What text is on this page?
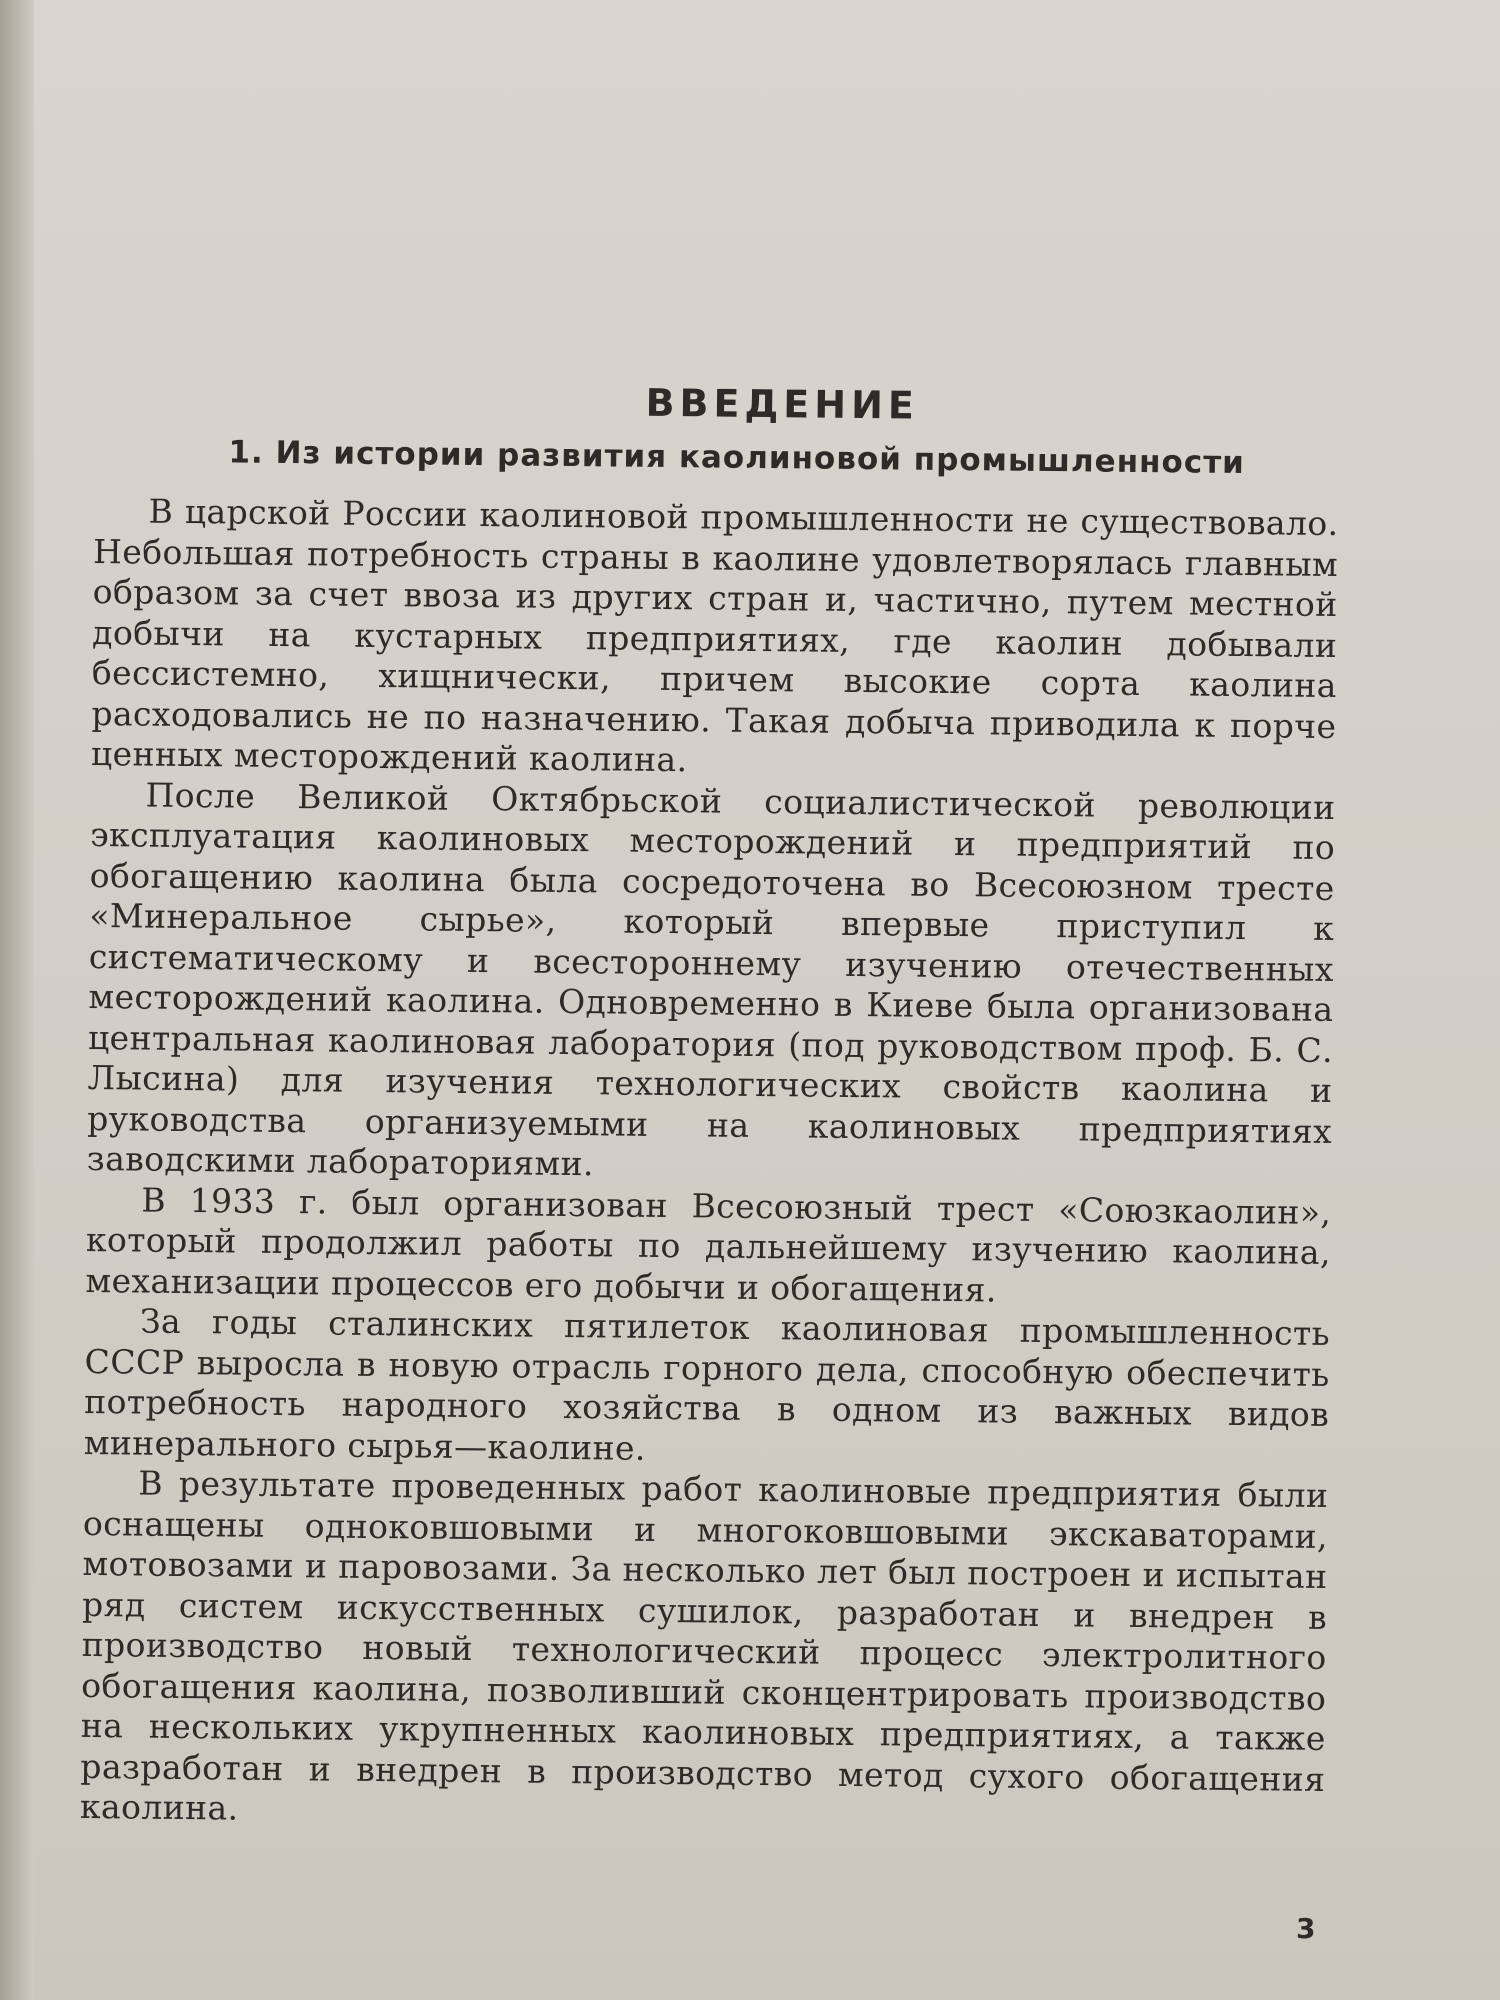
ВВЕДЕНИЕ
1. Из истории развития каолиновой промышленности

В царской России каолиновой промышленности не существовало. Небольшая потребность страны в каолине удовлетворялась главным образом за счет ввоза из других стран и, частично, путем местной добычи на кустарных предприятиях, где каолин добывали бессистемно, хищнически, причем высокие сорта каолина расходовались не по назначению. Такая добыча приводила к порче ценных месторождений каолина.

После Великой Октябрьской социалистической революции эксплуатация каолиновых месторождений и предприятий по обогащению каолина была сосредоточена во Всесоюзном тресте «Минеральное сырье», который впервые приступил к систематическому и всестороннему изучению отечественных месторождений каолина. Одновременно в Киеве была организована центральная каолиновая лаборатория (под руководством проф. Б. С. Лысина) для изучения технологических свойств каолина и руководства организуемыми на каолиновых предприятиях заводскими лабораториями.

В 1933 г. был организован Всесоюзный трест «Союзкаолин», который продолжил работы по дальнейшему изучению каолина, механизации процессов его добычи и обогащения.

За годы сталинских пятилеток каолиновая промышленность СССР выросла в новую отрасль горного дела, способную обеспечить потребность народного хозяйства в одном из важных видов минерального сырья—каолине.

В результате проведенных работ каолиновые предприятия были оснащены одноковшовыми и многоковшовыми экскаваторами, мотовозами и паровозами. За несколько лет был построен и испытан ряд систем искусственных сушилок, разработан и внедрен в производство новый технологический процесс электролитного обогащения каолина, позволивший сконцентрировать производство на нескольких укрупненных каолиновых предприятиях, а также разработан и внедрен в производство метод сухого обогащения каолина.

3
